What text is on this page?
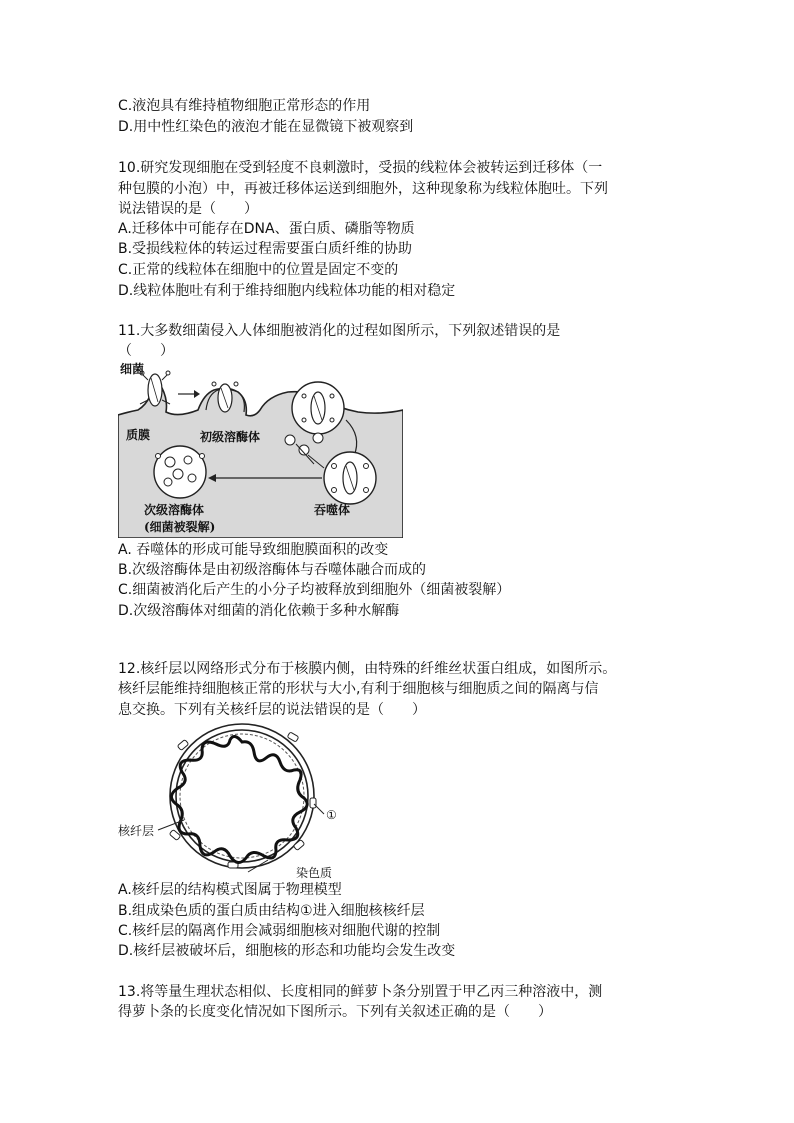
C.液泡具有维持植物细胞正常形态的作用
D.用中性红染色的液泡才能在显微镜下被观察到
10.研究发现细胞在受到轻度不良刺激时，受损的线粒体会被转运到迁移体（一
种包膜的小泡）中，再被迁移体运送到细胞外，这种现象称为线粒体胞吐。下列
说法错误的是（　　）
A.迁移体中可能存在DNA、蛋白质、磷脂等物质
B.受损线粒体的转运过程需要蛋白质纤维的协助
C.正常的线粒体在细胞中的位置是固定不变的
D.线粒体胞吐有利于维持细胞内线粒体功能的相对稳定
11.大多数细菌侵入人体细胞被消化的过程如图所示，下列叙述错误的是
（　　）
细菌
质膜	初级溶酶体
吞噬体
次级溶酶体
(细菌被裂解)
A. 吞噬体的形成可能导致细胞膜面积的改变
B.次级溶酶体是由初级溶酶体与吞噬体融合而成的
C.细菌被消化后产生的小分子均被释放到细胞外（细菌被裂解）
D.次级溶酶体对细菌的消化依赖于多种水解酶
12.核纤层以网络形式分布于核膜内侧，由特殊的纤维丝状蛋白组成，如图所示。
核纤层能维持细胞核正常的形状与大小,有利于细胞核与细胞质之间的隔离与信
息交换。下列有关核纤层的说法错误的是（　　）
核纤层
染色质
①
A.核纤层的结构模式图属于物理模型
B.组成染色质的蛋白质由结构①进入细胞核核纤层
C.核纤层的隔离作用会减弱细胞核对细胞代谢的控制
D.核纤层被破坏后，细胞核的形态和功能均会发生改变
13.将等量生理状态相似、长度相同的鲜萝卜条分别置于甲乙丙三种溶液中，测
得萝卜条的长度变化情况如下图所示。下列有关叙述正确的是（　　）
